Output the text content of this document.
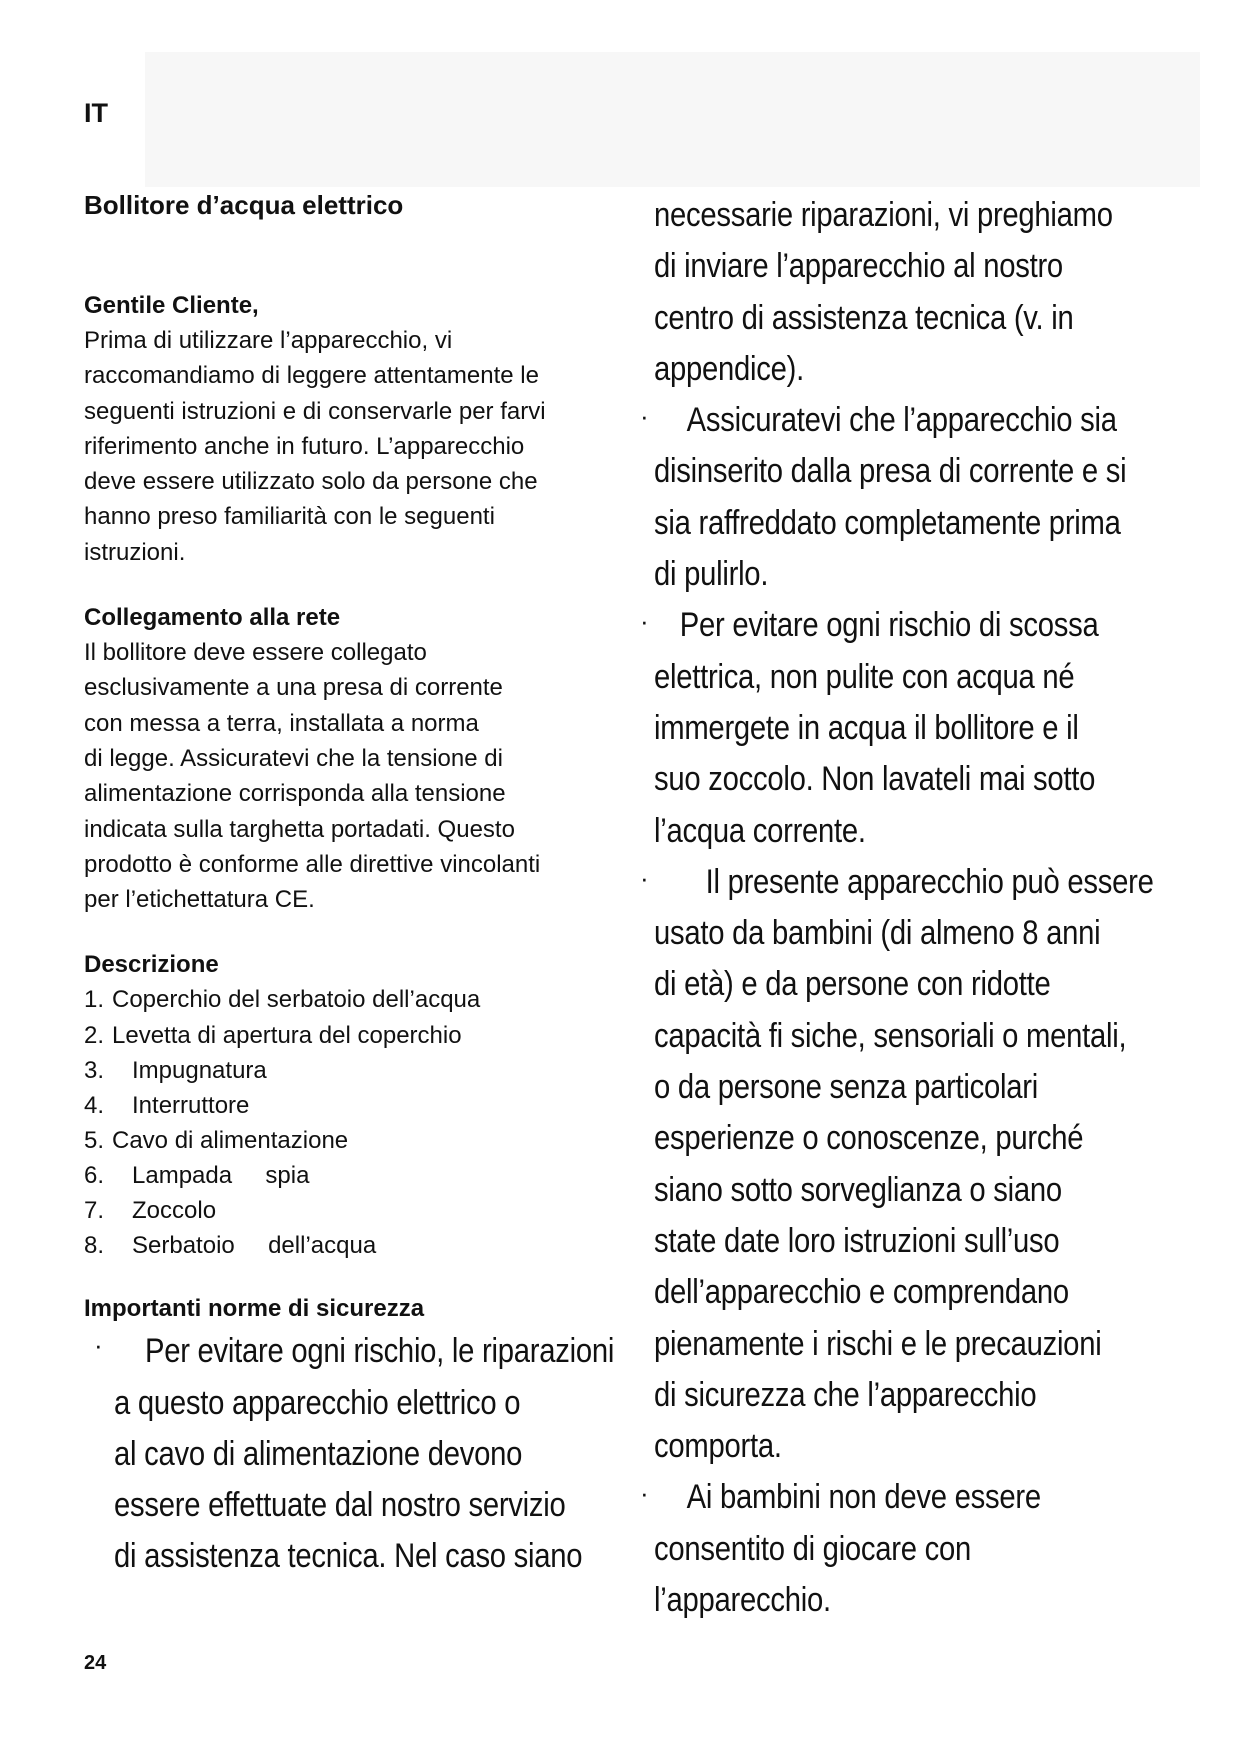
IT
Bollitore d’acqua elettrico
Gentile Cliente,
Prima di utilizzare l’apparecchio, vi
raccomandiamo di leggere attentamente le
seguenti istruzioni e di conservarle per farvi
riferimento anche in futuro. L’apparecchio
deve essere utilizzato solo da persone che
hanno preso familiarità con le seguenti
istruzioni.
Collegamento alla rete
Il bollitore deve essere collegato
esclusivamente a una presa di corrente
con messa a terra, installata a norma
di legge. Assicuratevi che la tensione di
alimentazione corrisponda alla tensione
indicata sulla targhetta portadati. Questo
prodotto è conforme alle direttive vincolanti
per l’etichettatura CE.
Descrizione
1. Coperchio del serbatoio dell’acqua
2. Levetta di apertura del coperchio
3. Impugnatura
4. Interruttore
5. Cavo di alimentazione
6. Lampada     spia
7. Zoccolo
8. Serbatoio     dell’acqua
Importanti norme di sicurezza
·	Per evitare ogni rischio, le riparazioni
a questo apparecchio elettrico o
al cavo di alimentazione devono
essere effettuate dal nostro servizio
di assistenza tecnica. Nel caso siano
necessarie riparazioni, vi preghiamo
di inviare l’apparecchio al nostro
centro di assistenza tecnica (v. in
appendice).
·	Assicuratevi che l’apparecchio sia
disinserito dalla presa di corrente e si
sia raffreddato completamente prima
di pulirlo.
· Per evitare ogni rischio di scossa
elettrica, non pulite con acqua né
immergete in acqua il bollitore e il
suo zoccolo. Non lavateli mai sotto
l’acqua corrente.
·	Il presente apparecchio può essere
usato da bambini (di almeno 8 anni
di età) e da persone con ridotte
capacità fi siche, sensoriali o mentali,
o da persone senza particolari
esperienze o conoscenze, purché
siano sotto sorveglianza o siano
state date loro istruzioni sull’uso
dell’apparecchio e comprendano
pienamente i rischi e le precauzioni
di sicurezza che l’apparecchio
comporta.
·	Ai bambini non deve essere
consentito di giocare con
l’apparecchio.
24
